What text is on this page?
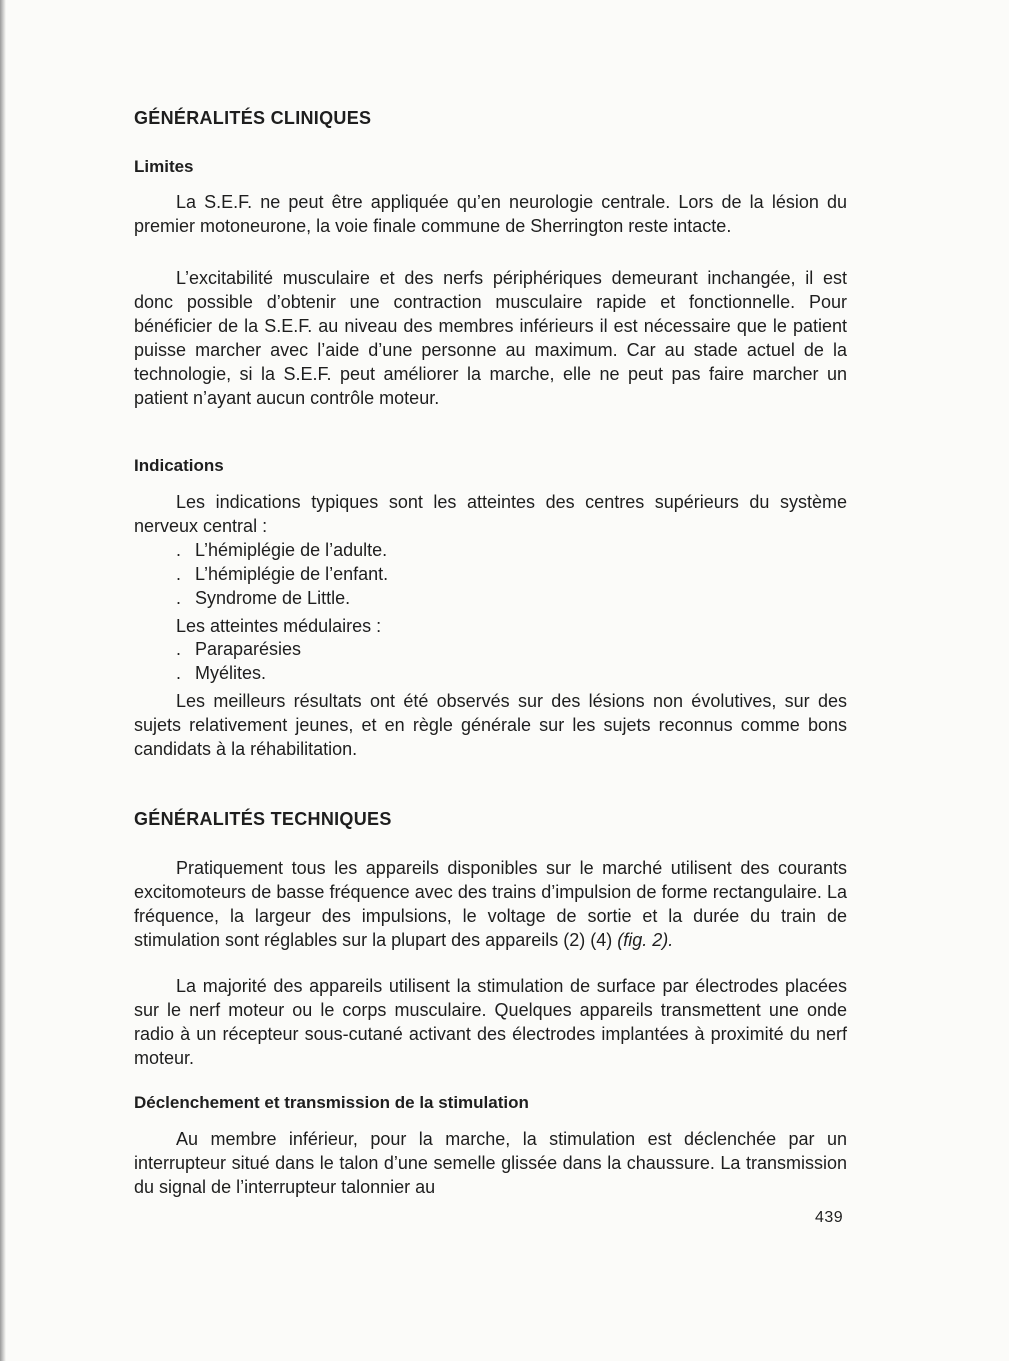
GÉNÉRALITÉS CLINIQUES
Limites

La S.E.F. ne peut être appliquée qu’en neurologie centrale. Lors de la lésion du premier motoneurone, la voie finale commune de Sherrington reste intacte.

L’excitabilité musculaire et des nerfs périphériques demeurant inchangée, il est donc possible d’obtenir une contraction musculaire rapide et fonctionnelle. Pour bénéficier de la S.E.F. au niveau des membres inférieurs il est nécessaire que le patient puisse marcher avec l’aide d’une personne au maximum. Car au stade actuel de la technologie, si la S.E.F. peut améliorer la marche, elle ne peut pas faire marcher un patient n’ayant aucun contrôle moteur.

Indications

Les indications typiques sont les atteintes des centres supérieurs du système nerveux central :

. L’hémiplégie de l’adulte.
. L’hémiplégie de l’enfant.
. Syndrome de Little.

Les atteintes médulaires :

. Paraparésies
. Myélites.

Les meilleurs résultats ont été observés sur des lésions non évolutives, sur des sujets relativement jeunes, et en règle générale sur les sujets reconnus comme bons candidats à la réhabilitation.

GÉNÉRALITÉS TECHNIQUES

Pratiquement tous les appareils disponibles sur le marché utilisent des courants excitomoteurs de basse fréquence avec des trains d’impulsion de forme rectangulaire. La fréquence, la largeur des impulsions, le voltage de sortie et la durée du train de stimulation sont réglables sur la plupart des appareils (2) (4) (fig. 2).

La majorité des appareils utilisent la stimulation de surface par électrodes placées sur le nerf moteur ou le corps musculaire. Quelques appareils transmettent une onde radio à un récepteur sous-cutané activant des électrodes implantées à proximité du nerf moteur.

Déclenchement et transmission de la stimulation

Au membre inférieur, pour la marche, la stimulation est déclenchée par un interrupteur situé dans le talon d’une semelle glissée dans la chaussure. La transmission du signal de l’interrupteur talonnier au

439
